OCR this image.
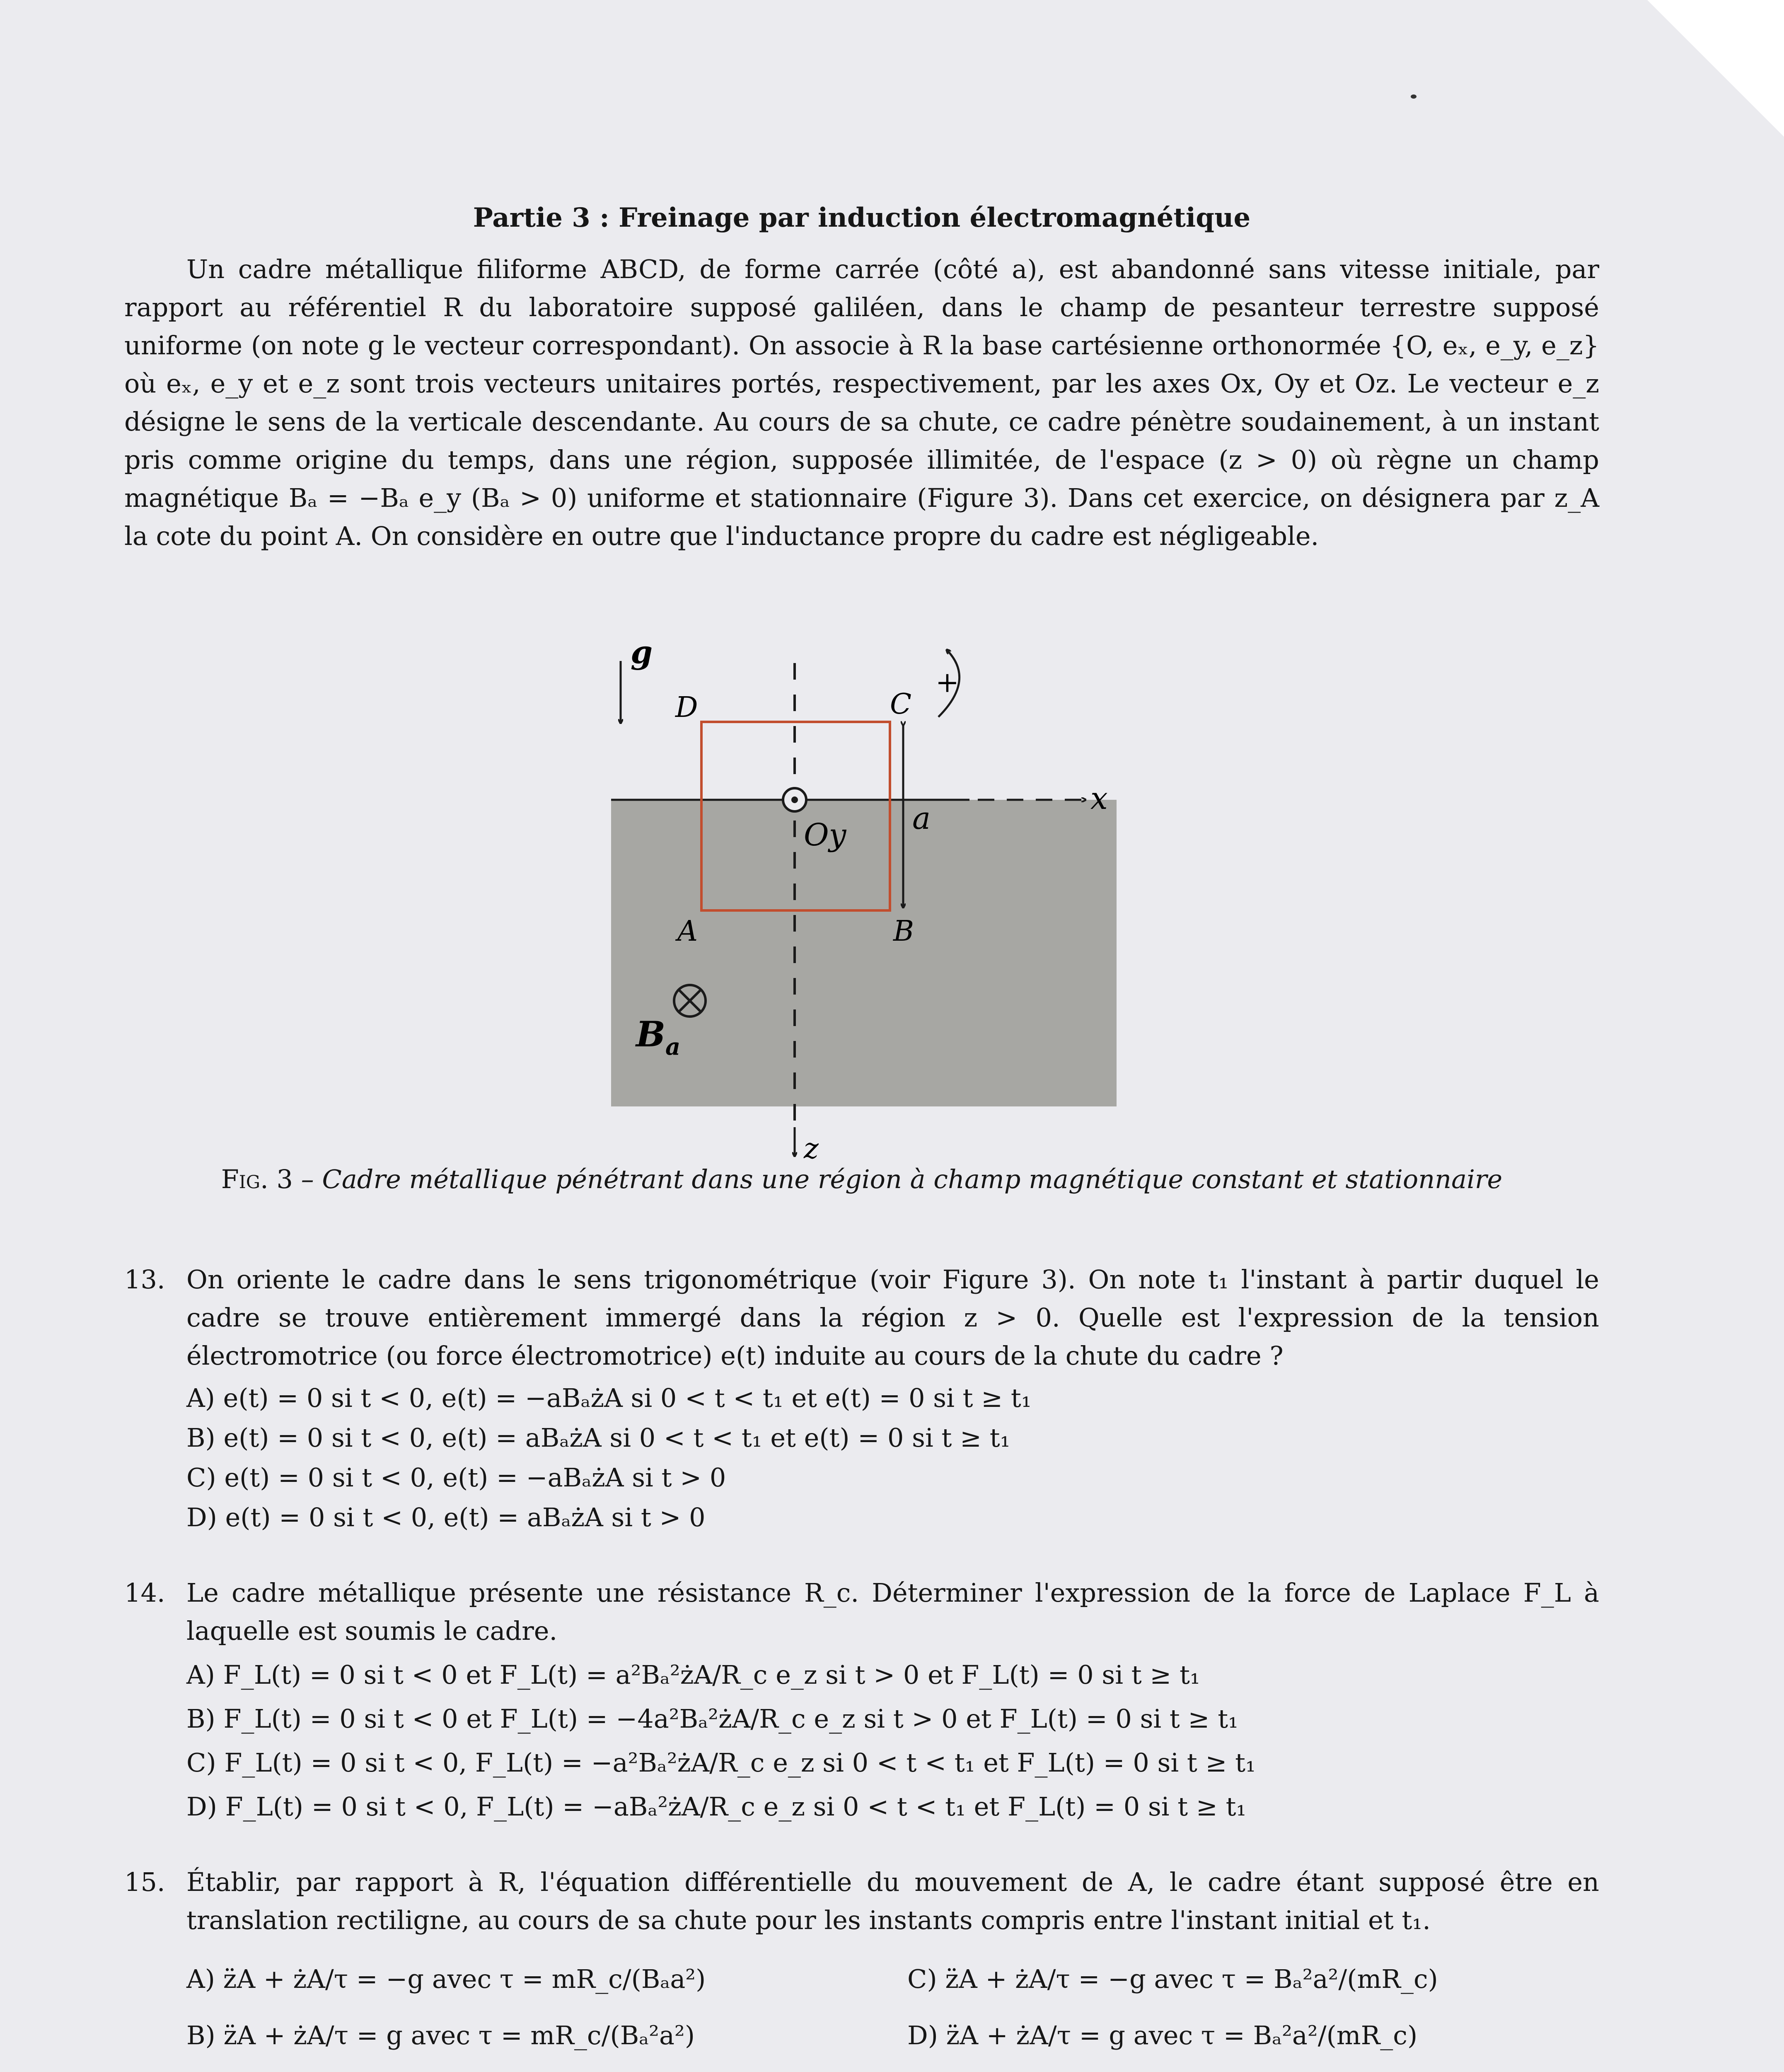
Partie 3 : Freinage par induction électromagnétique

Un cadre métallique filiforme ABCD, de forme carrée (côté a), est abandonné sans vitesse initiale, par rapport au référentiel R du laboratoire supposé galiléen, dans le champ de pesanteur terrestre supposé uniforme (on note g le vecteur correspondant). On associe à R la base cartésienne orthonormée {O, eₓ, e_y, e_z} où eₓ, e_y et e_z sont trois vecteurs unitaires portés, respectivement, par les axes Ox, Oy et Oz. Le vecteur e_z désigne le sens de la verticale descendante. Au cours de sa chute, ce cadre pénètre soudainement, à un instant pris comme origine du temps, dans une région, supposée illimitée, de l'espace (z > 0) où règne un champ magnétique Bₐ = −Bₐ e_y (Bₐ > 0) uniforme et stationnaire (Figure 3). Dans cet exercice, on désignera par z_A la cote du point A. On considère en outre que l'inductance propre du cadre est négligeable.

g
D	C
+
a
x
Oy
A	B
$B_a$
z

Fig. 3 – Cadre métallique pénétrant dans une région à champ magnétique constant et stationnaire

13. On oriente le cadre dans le sens trigonométrique (voir Figure 3). On note t₁ l'instant à partir duquel le cadre se trouve entièrement immergé dans la région z > 0. Quelle est l'expression de la tension électromotrice (ou force électromotrice) e(t) induite au cours de la chute du cadre ?

A) e(t) = 0 si t < 0, e(t) = −aBₐżA si 0 < t < t₁ et e(t) = 0 si t ≥ t₁
B) e(t) = 0 si t < 0, e(t) = aBₐżA si 0 < t < t₁ et e(t) = 0 si t ≥ t₁
C) e(t) = 0 si t < 0, e(t) = −aBₐżA si t > 0
D) e(t) = 0 si t < 0, e(t) = aBₐżA si t > 0
14. Le cadre métallique présente une résistance R_c. Déterminer l'expression de la force de Laplace F_L à laquelle est soumis le cadre.

A) F_L(t) = 0 si t < 0 et F_L(t) = a²Bₐ²żA/R_c e_z si t > 0 et F_L(t) = 0 si t ≥ t₁
B) F_L(t) = 0 si t < 0 et F_L(t) = −4a²Bₐ²żA/R_c e_z si t > 0 et F_L(t) = 0 si t ≥ t₁
C) F_L(t) = 0 si t < 0, F_L(t) = −a²Bₐ²żA/R_c e_z si 0 < t < t₁ et F_L(t) = 0 si t ≥ t₁
D) F_L(t) = 0 si t < 0, F_L(t) = −aBₐ²żA/R_c e_z si 0 < t < t₁ et F_L(t) = 0 si t ≥ t₁
15. Établir, par rapport à R, l'équation différentielle du mouvement de A, le cadre étant supposé être en translation rectiligne, au cours de sa chute pour les instants compris entre l'instant initial et t₁.

A) z̈A + żA/τ = −g avec τ = mR_c/(Bₐa²)	C) z̈A + żA/τ = −g avec τ = Bₐ²a²/(mR_c)
B) z̈A + żA/τ = g avec τ = mR_c/(Bₐ²a²)	D) z̈A + żA/τ = g avec τ = Bₐ²a²/(mR_c)
